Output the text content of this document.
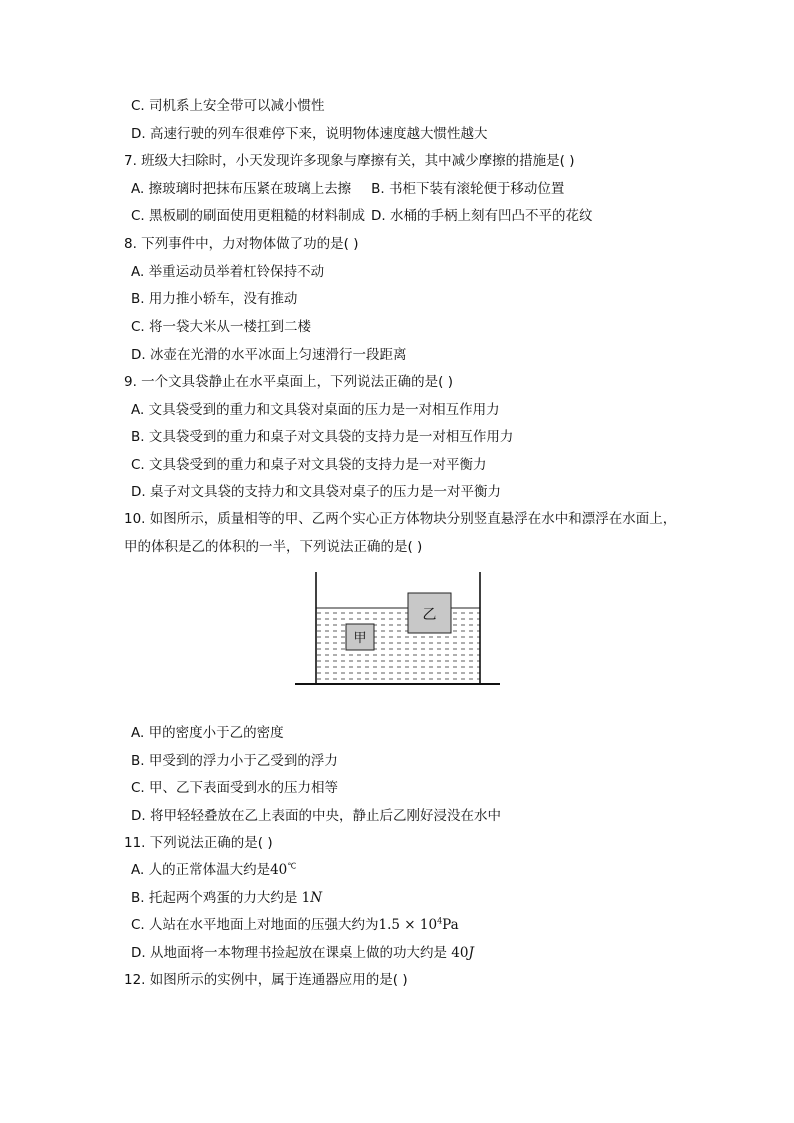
C. 司机系上安全带可以减小惯性
D. 高速行驶的列车很难停下来，说明物体速度越大惯性越大
7. 班级大扫除时，小天发现许多现象与摩擦有关，其中减少摩擦的措施是( )
A. 擦玻璃时把抹布压紧在玻璃上去擦 B. 书柜下装有滚轮便于移动位置
C. 黑板刷的刷面使用更粗糙的材料制成 D. 水桶的手柄上刻有凹凸不平的花纹
8. 下列事件中，力对物体做了功的是( )
A. 举重运动员举着杠铃保持不动
B. 用力推小轿车，没有推动
C. 将一袋大米从一楼扛到二楼
D. 冰壶在光滑的水平冰面上匀速滑行一段距离
9. 一个文具袋静止在水平桌面上，下列说法正确的是( )
A. 文具袋受到的重力和文具袋对桌面的压力是一对相互作用力
B. 文具袋受到的重力和桌子对文具袋的支持力是一对相互作用力
C. 文具袋受到的重力和桌子对文具袋的支持力是一对平衡力
D. 桌子对文具袋的支持力和文具袋对桌子的压力是一对平衡力
10. 如图所示，质量相等的甲、乙两个实心正方体物块分别竖直悬浮在水中和漂浮在水面上，
甲的体积是乙的体积的一半，下列说法正确的是( )
甲
乙
A. 甲的密度小于乙的密度
B. 甲受到的浮力小于乙受到的浮力
C. 甲、乙下表面受到水的压力相等
D. 将甲轻轻叠放在乙上表面的中央，静止后乙刚好浸没在水中
11. 下列说法正确的是( )
A. 人的正常体温大约是40℃
B. 托起两个鸡蛋的力大约是 1N
C. 人站在水平地面上对地面的压强大约为$1.5 \times 10^4Pa$
D. 从地面将一本物理书捡起放在课桌上做的功大约是 40J
12. 如图所示的实例中，属于连通器应用的是( )
